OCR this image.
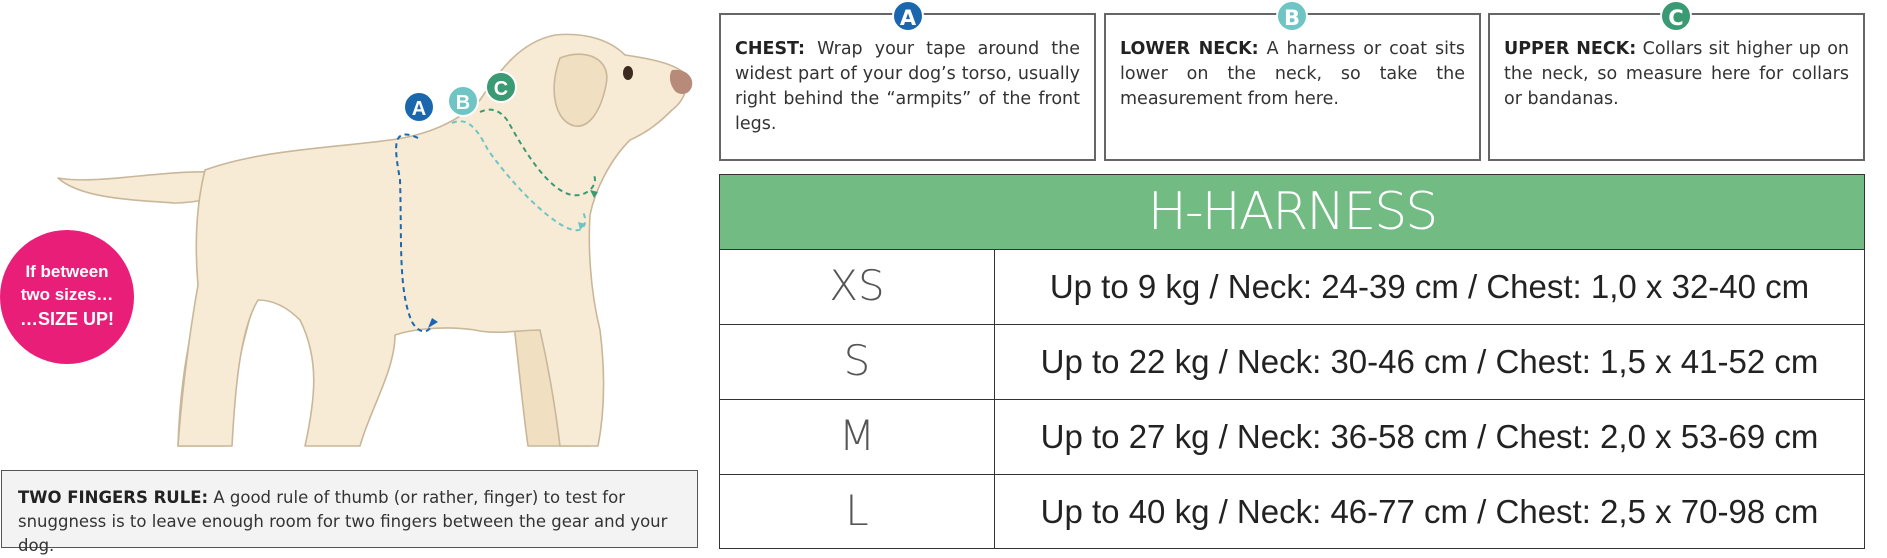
A B
C
If between
two sizes…
…SIZE UP!
TWO FINGERS RULE: A good rule of thumb (or rather, finger) to test for snuggness is to leave enough room for two fingers between the gear and your dog.
CHEST: Wrap your tape around the widest part of your dog’s torso, usually right behind the “armpits” of the front legs.
A
LOWER NECK: A harness or coat sits lower on the neck, so take the measurement from here.
B
UPPER NECK: Collars sit higher up on the neck, so measure here for collars or bandanas.
C
H-HARNESS
XS	Up to 9 kg / Neck: 24-39 cm / Chest: 1,0 x 32-40 cm
S	Up to 22 kg / Neck: 30-46 cm / Chest: 1,5 x 41-52 cm
M	Up to 27 kg / Neck: 36-58 cm / Chest: 2,0 x 53-69 cm
L	Up to 40 kg / Neck: 46-77 cm / Chest: 2,5 x 70-98 cm
